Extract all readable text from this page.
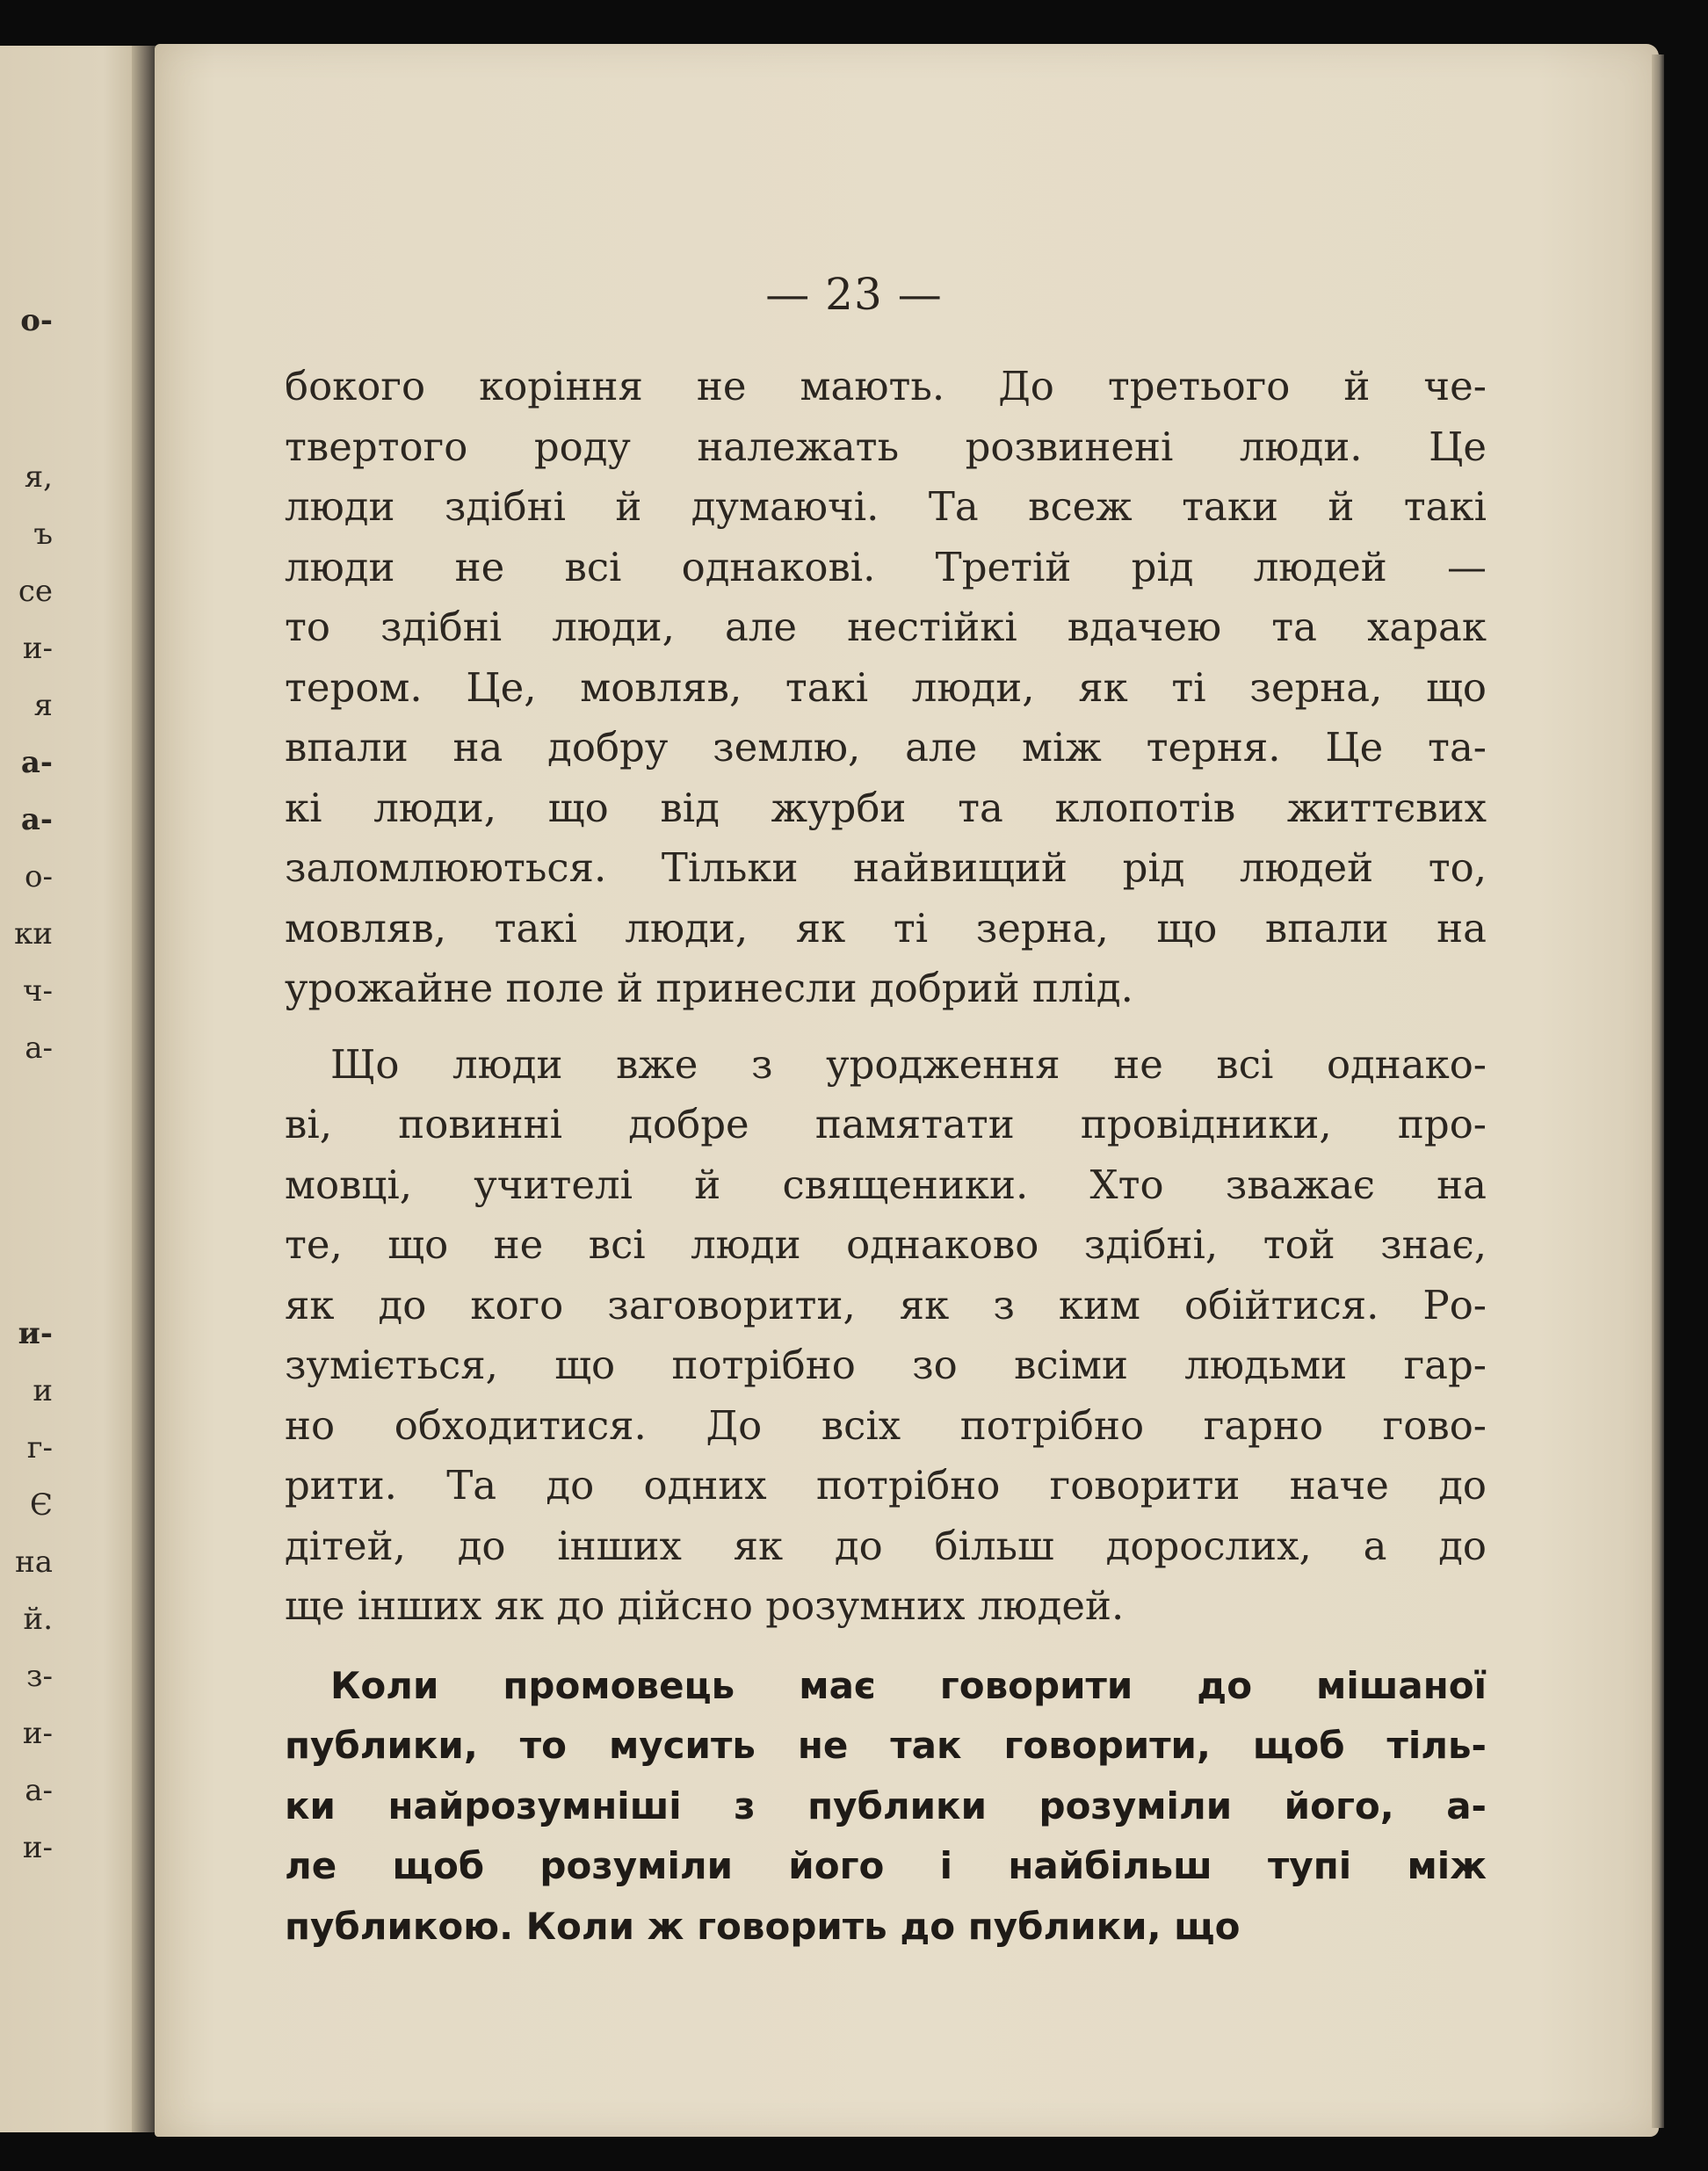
о-
я,
ъ
се
и-
я
а-
а-
о-
ки
ч-
а-
и-
и
г-
Є
на
й.
з-
и-
а-
и-
— 23 —
бокого коріння не мають. До третього й че-
твертого роду належать розвинені люди. Це
люди здібні й думаючі. Та всеж таки й такі
люди не всі однакові. Третій рід людей —
то здібні люди, але нестійкі вдачею та харак
тером. Це, мовляв, такі люди, як ті зерна, що
впали на добру землю, але між терня. Це та-
кі люди, що від журби та клопотів життєвих
заломлюються. Тільки найвищий рід людей то,
мовляв, такі люди, як ті зерна, що впали на
урожайне поле й принесли добрий плід.
Що люди вже з уродження не всі однако-
ві, повинні добре памятати провідники, про-
мовці, учителі й священики. Хто зважає на
те, що не всі люди однаково здібні, той знає,
як до кого заговорити, як з ким обійтися. Ро-
зуміється, що потрібно зо всіми людьми гар-
но обходитися. До всіх потрібно гарно гово-
рити. Та до одних потрібно говорити наче до
дітей, до інших як до більш дорослих, а до
ще інших як до дійсно розумних людей.
Коли промовець має говорити до мішаної
публики, то мусить не так говорити, щоб тіль-
ки найрозумніші з публики розуміли його, а-
ле щоб розуміли його і найбільш тупі між
публикою. Коли ж говорить до публики, що
